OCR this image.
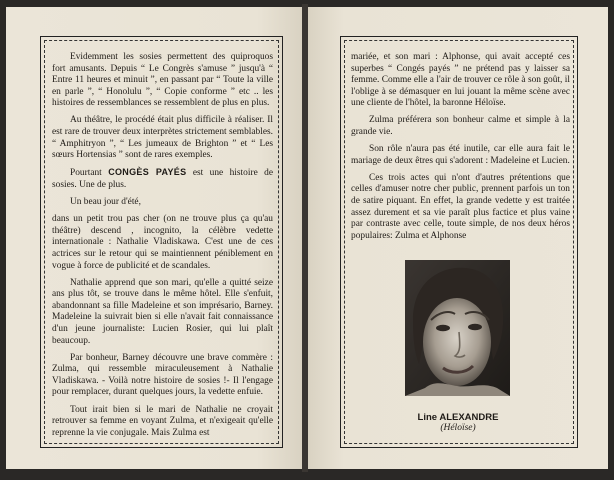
Evidemment les sosies permettent des quiproquos fort amusants. Depuis “ Le Congrès s'amuse ” jusqu'à “ Entre 11 heures et minuit ”, en passant par “ Toute la ville en parle ”, “ Honolulu ”, “ Copie conforme ” etc .. les histoires de ressemblances se ressemblent de plus en plus.

Au théâtre, le procédé était plus difficile à réaliser. Il est rare de trouver deux interprètes strictement semblables. “ Amphitryon ”, “ Les jumeaux de Brighton ” et “ Les sœurs Hortensias ” sont de rares exemples.

Pourtant CONGÈS PAYÉS est une histoire de sosies. Une de plus.

Un beau jour d'été,

dans un petit trou pas cher (on ne trouve plus ça qu'au théâtre) descend , incognito, la célèbre vedette internationale : Nathalie Vladiskawa. C'est une de ces actrices sur le retour qui se maintiennent péniblement en vogue à force de publicité et de scandales.

Nathalie apprend que son mari, qu'elle a quitté seize ans plus tôt, se trouve dans le même hôtel. Elle s'enfuit, abandonnant sa fille Madeleine et son imprésario, Barney. Madeleine la suivrait bien si elle n'avait fait connaissance d'un jeune journaliste: Lucien Rosier, qui lui plaît beaucoup.

Par bonheur, Barney découvre une brave commère : Zulma, qui ressemble miraculeusement à Nathalie Vladiskawa. - Voilà notre histoire de sosies !- Il l'engage pour remplacer, durant quelques jours, la vedette enfuie.

Tout irait bien si le mari de Nathalie ne croyait retrouver sa femme en voyant Zulma, et n'exigeait qu'elle reprenne la vie conjugale. Mais Zulma est

mariée, et son mari : Alphonse, qui avait accepté ces superbes “ Congés payés ” ne prétend pas y laisser sa femme. Comme elle a l'air de trouver ce rôle à son goût, il l'oblige à se démasquer en lui jouant la même scène avec une cliente de l'hôtel, la baronne Héloïse.

Zulma préférera son bonheur calme et simple à la grande vie.

Son rôle n'aura pas été inutile, car elle aura fait le mariage de deux êtres qui s'adorent : Madeleine et Lucien.

Ces trois actes qui n'ont d'autres prétentions que celles d'amuser notre cher public, prennent parfois un ton de satire piquant. En effet, la grande vedette y est traitée assez durement et sa vie paraît plus factice et plus vaine par contraste avec celle, toute simple, de nos deux héros populaires: Zulma et Alphonse

Line ALEXANDRE
(Héloïse)
